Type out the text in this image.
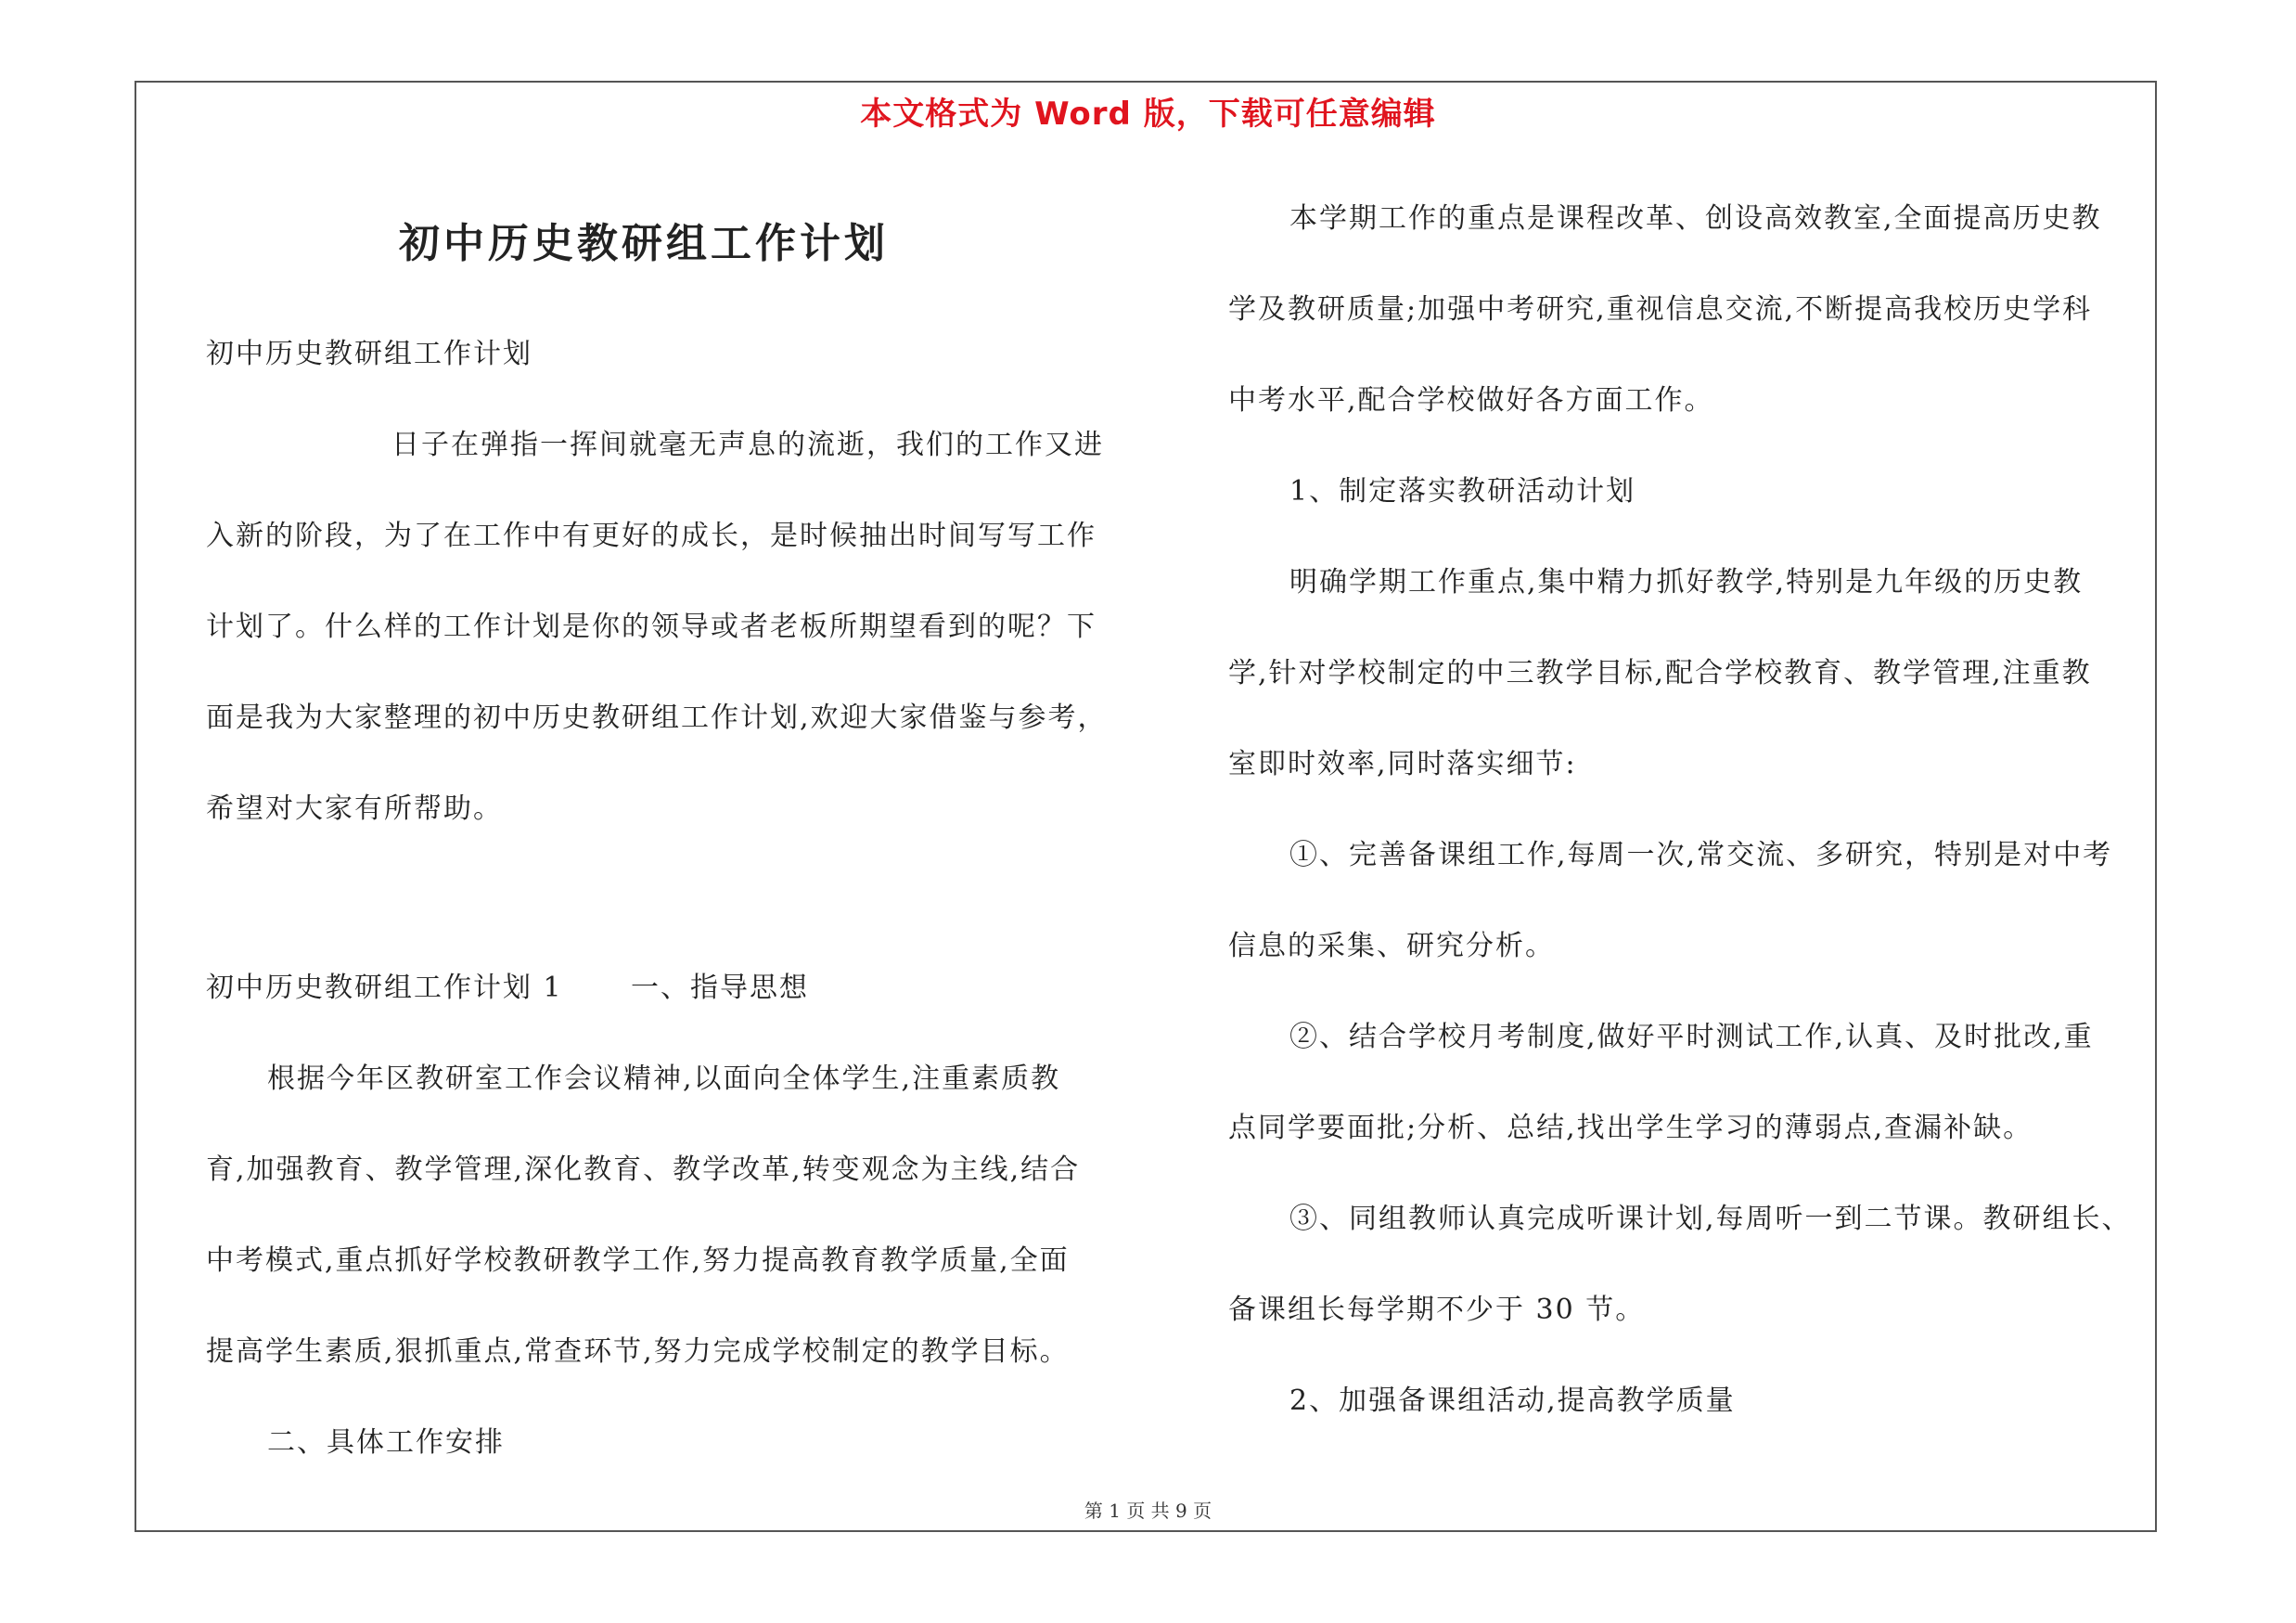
本文格式为 Word 版，下载可任意编辑
初中历史教研组工作计划
初中历史教研组工作计划
日子在弹指一挥间就毫无声息的流逝，我们的工作又进
入新的阶段，为了在工作中有更好的成长，是时候抽出时间写写工作
计划了。什么样的工作计划是你的领导或者老板所期望看到的呢？下
面是我为大家整理的初中历史教研组工作计划,欢迎大家借鉴与参考，
希望对大家有所帮助。
初中历史教研组工作计划 1 一、指导思想
根据今年区教研室工作会议精神,以面向全体学生,注重素质教
育,加强教育、教学管理,深化教育、教学改革,转变观念为主线,结合
中考模式,重点抓好学校教研教学工作,努力提高教育教学质量,全面
提高学生素质,狠抓重点,常查环节,努力完成学校制定的教学目标。
二、具体工作安排
本学期工作的重点是课程改革、创设高效教室,全面提高历史教
学及教研质量;加强中考研究,重视信息交流,不断提高我校历史学科
中考水平,配合学校做好各方面工作。
1、制定落实教研活动计划
明确学期工作重点,集中精力抓好教学,特别是九年级的历史教
学,针对学校制定的中三教学目标,配合学校教育、教学管理,注重教
室即时效率,同时落实细节:
①、完善备课组工作,每周一次,常交流、多研究，特别是对中考
信息的采集、研究分析。
②、结合学校月考制度,做好平时测试工作,认真、及时批改,重
点同学要面批;分析、总结,找出学生学习的薄弱点,查漏补缺。
③、同组教师认真完成听课计划,每周听一到二节课。教研组长、
备课组长每学期不少于 30 节。
2、加强备课组活动,提高教学质量
第 1 页 共 9 页
